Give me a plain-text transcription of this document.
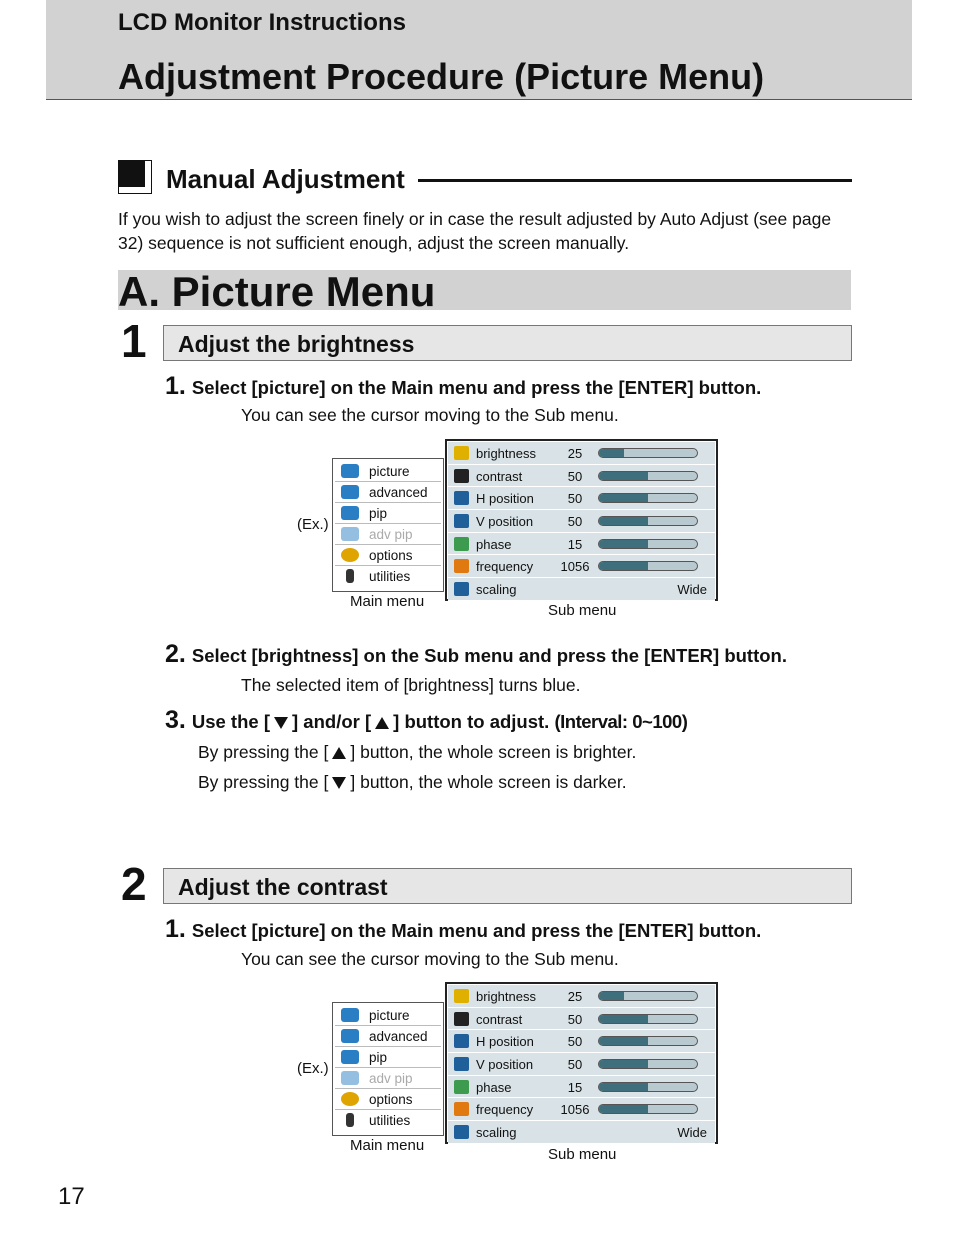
LCD Monitor Instructions
Adjustment Procedure (Picture Menu)
Manual Adjustment
If you wish to adjust the screen finely or in case the result adjusted by Auto Adjust (see page 32) sequence is not sufficient enough, adjust the screen manually.
A. Picture Menu
1 Adjust the brightness
1. Select [picture] on the Main menu and press the [ENTER] button.
You can see the cursor moving to the Sub menu.
(Ex.)
picture
advanced
pip
adv pip
options
utilities
brightness	25
contrast	50
H position	50
V position	50
phase	15
frequency	1056
scaling	Wide
Main menu
Sub menu
2. Select [brightness] on the Sub menu and press the [ENTER] button.
The selected item of [brightness] turns blue.
3. Use the [ ] and/or [ ] button to adjust. (Interval: 0~100)
By pressing the [ ] button, the whole screen is brighter.
By pressing the [ ] button, the whole screen is darker.
2 Adjust the contrast
1. Select [picture] on the Main menu and press the [ENTER] button.
You can see the cursor moving to the Sub menu.
(Ex.)
picture
advanced
pip
adv pip
options
utilities
brightness	25
contrast	50
H position	50
V position	50
phase	15
frequency	1056
scaling	Wide
Main menu
Sub menu
17
